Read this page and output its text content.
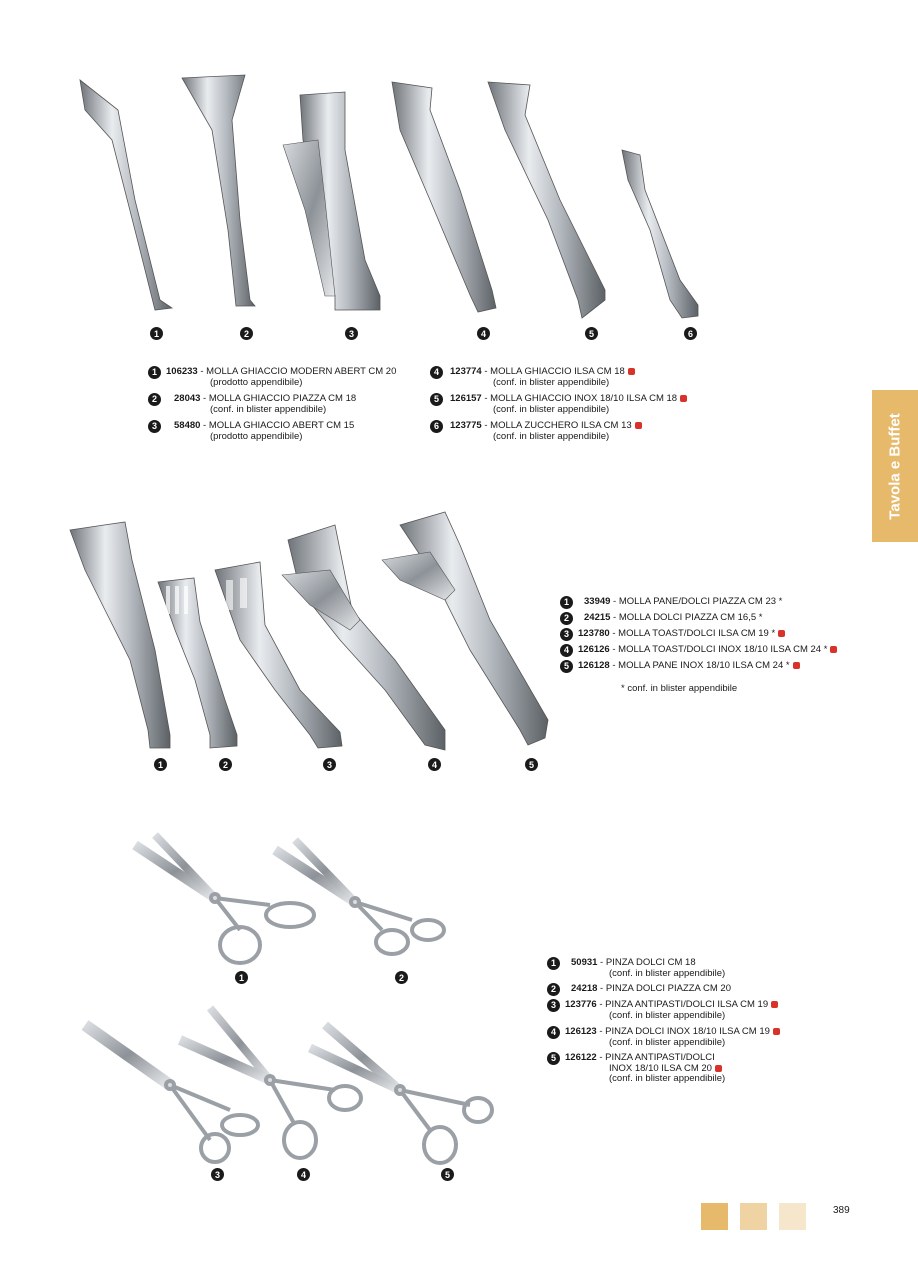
1	2	3	4	5	6
1 106233 - MOLLA GHIACCIO MODERN ABERT CM 20
(prodotto appendibile)
2	28043 - MOLLA GHIACCIO PIAZZA CM 18
(conf. in blister appendibile)
3	58480 - MOLLA GHIACCIO ABERT CM 15
(prodotto appendibile)
4	123774 - MOLLA GHIACCIO ILSA CM 18
(conf. in blister appendibile)
5	126157 - MOLLA GHIACCIO INOX 18/10 ILSA CM 18
(conf. in blister appendibile)
6	123775 - MOLLA ZUCCHERO ILSA CM 13
(conf. in blister appendibile)	Tavola e Buffet
1	2	3	4	5
1	33949 - MOLLA PANE/DOLCI PIAZZA CM 23 *
2	24215 - MOLLA DOLCI PIAZZA CM 16,5 *
3 123780 - MOLLA TOAST/DOLCI ILSA CM 19 *
4 126126 - MOLLA TOAST/DOLCI INOX 18/10 ILSA CM 24 *
5 126128 - MOLLA PANE INOX 18/10 ILSA CM 24 *
* conf. in blister appendibile
1	2
3	4	5
1	50931 - PINZA DOLCI CM 18
(conf. in blister appendibile)
2	24218 - PINZA DOLCI PIAZZA CM 20
3 123776 - PINZA ANTIPASTI/DOLCI ILSA CM 19
(conf. in blister appendibile)
4 126123 - PINZA DOLCI INOX 18/10 ILSA CM 19
(conf. in blister appendibile)
5 126122 - PINZA ANTIPASTI/DOLCI
INOX 18/10 ILSA CM 20
(conf. in blister appendibile)
389
